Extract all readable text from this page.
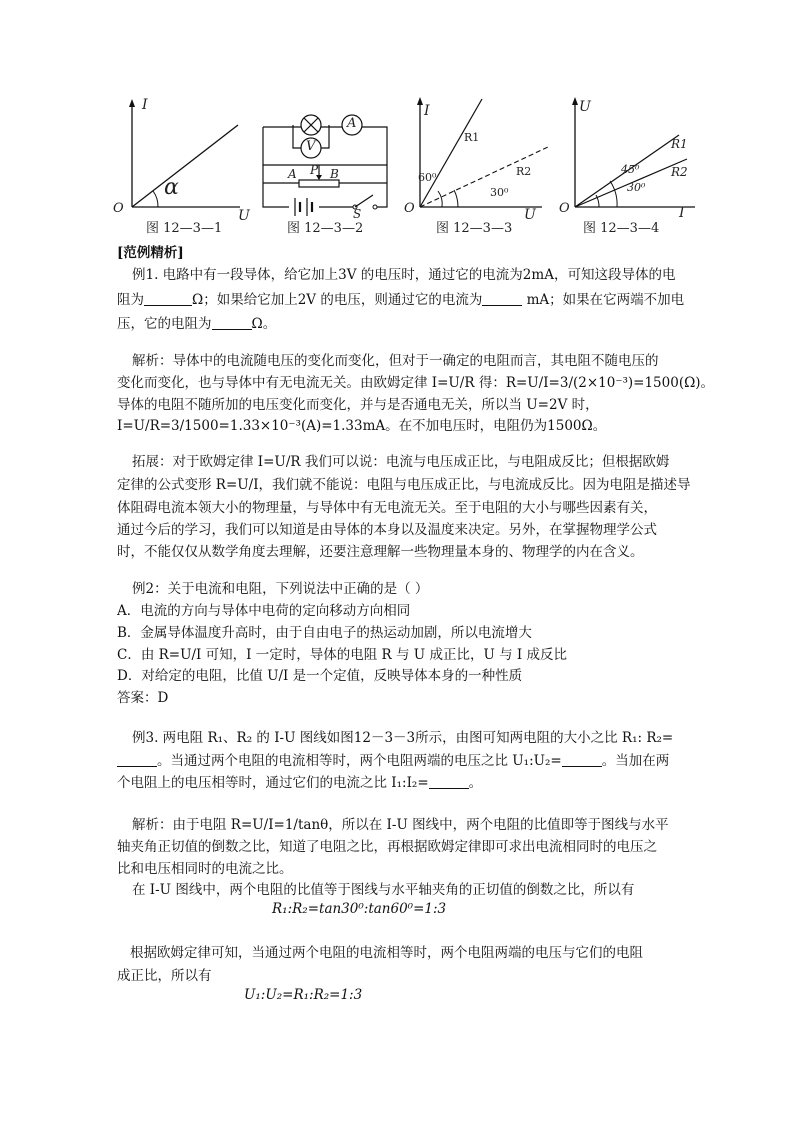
I
O
α
图 12—3—1
U
A
V
A P B
S
图 12—3—2
I
O
R1
R2
60⁰
30⁰
图 12—3—3
U
U
O
R1
R2
45⁰
30⁰
图 12—3—4
I
[范例精析]
例1. 电路中有一段导体，给它加上3V 的电压时，通过它的电流为2mA，可知这段导体的电
阻为	Ω；如果给它加上2V 的电压，则通过它的电流为	mA；如果在它两端不加电
压，它的电阻为	Ω。
解析：导体中的电流随电压的变化而变化，但对于一确定的电阻而言，其电阻不随电压的
变化而变化，也与导体中有无电流无关。由欧姆定律 I=U/R 得：R=U/I=3/(2×10⁻³)=1500(Ω)。
导体的电阻不随所加的电压变化而变化，并与是否通电无关，所以当 U=2V 时，
I=U/R=3/1500=1.33×10⁻³(A)=1.33mA。在不加电压时，电阻仍为1500Ω。
拓展：对于欧姆定律 I=U/R 我们可以说：电流与电压成正比，与电阻成反比；但根据欧姆
定律的公式变形 R=U/I，我们就不能说：电阻与电压成正比，与电流成反比。因为电阻是描述导
体阻碍电流本领大小的物理量，与导体中有无电流无关。至于电阻的大小与哪些因素有关，
通过今后的学习，我们可以知道是由导体的本身以及温度来决定。另外，在掌握物理学公式
时，不能仅仅从数学角度去理解，还要注意理解一些物理量本身的、物理学的内在含义。
例2：关于电流和电阻，下列说法中正确的是（ ）
A．电流的方向与导体中电荷的定向移动方向相同
B．金属导体温度升高时，由于自由电子的热运动加剧，所以电流增大
C．由 R=U/I 可知，I 一定时，导体的电阻 R 与 U 成正比，U 与 I 成反比
D．对给定的电阻，比值 U/I 是一个定值，反映导体本身的一种性质
答案：D
例3. 两电阻 R₁、R₂ 的 I-U 图线如图12－3－3所示，由图可知两电阻的大小之比 R₁: R₂=
。当通过两个电阻的电流相等时，两个电阻两端的电压之比 U₁:U₂=	。当加在两
个电阻上的电压相等时，通过它们的电流之比 I₁:I₂=	。
解析：由于电阻 R=U/I=1/tanθ，所以在 I-U 图线中，两个电阻的比值即等于图线与水平
轴夹角正切值的倒数之比，知道了电阻之比，再根据欧姆定律即可求出电流相同时的电压之
比和电压相同时的电流之比。
在 I-U 图线中，两个电阻的比值等于图线与水平轴夹角的正切值的倒数之比，所以有
R₁:R₂=tan30⁰:tan60⁰=1:3
根据欧姆定律可知，当通过两个电阻的电流相等时，两个电阻两端的电压与它们的电阻
成正比，所以有
U₁:U₂=R₁:R₂=1:3
